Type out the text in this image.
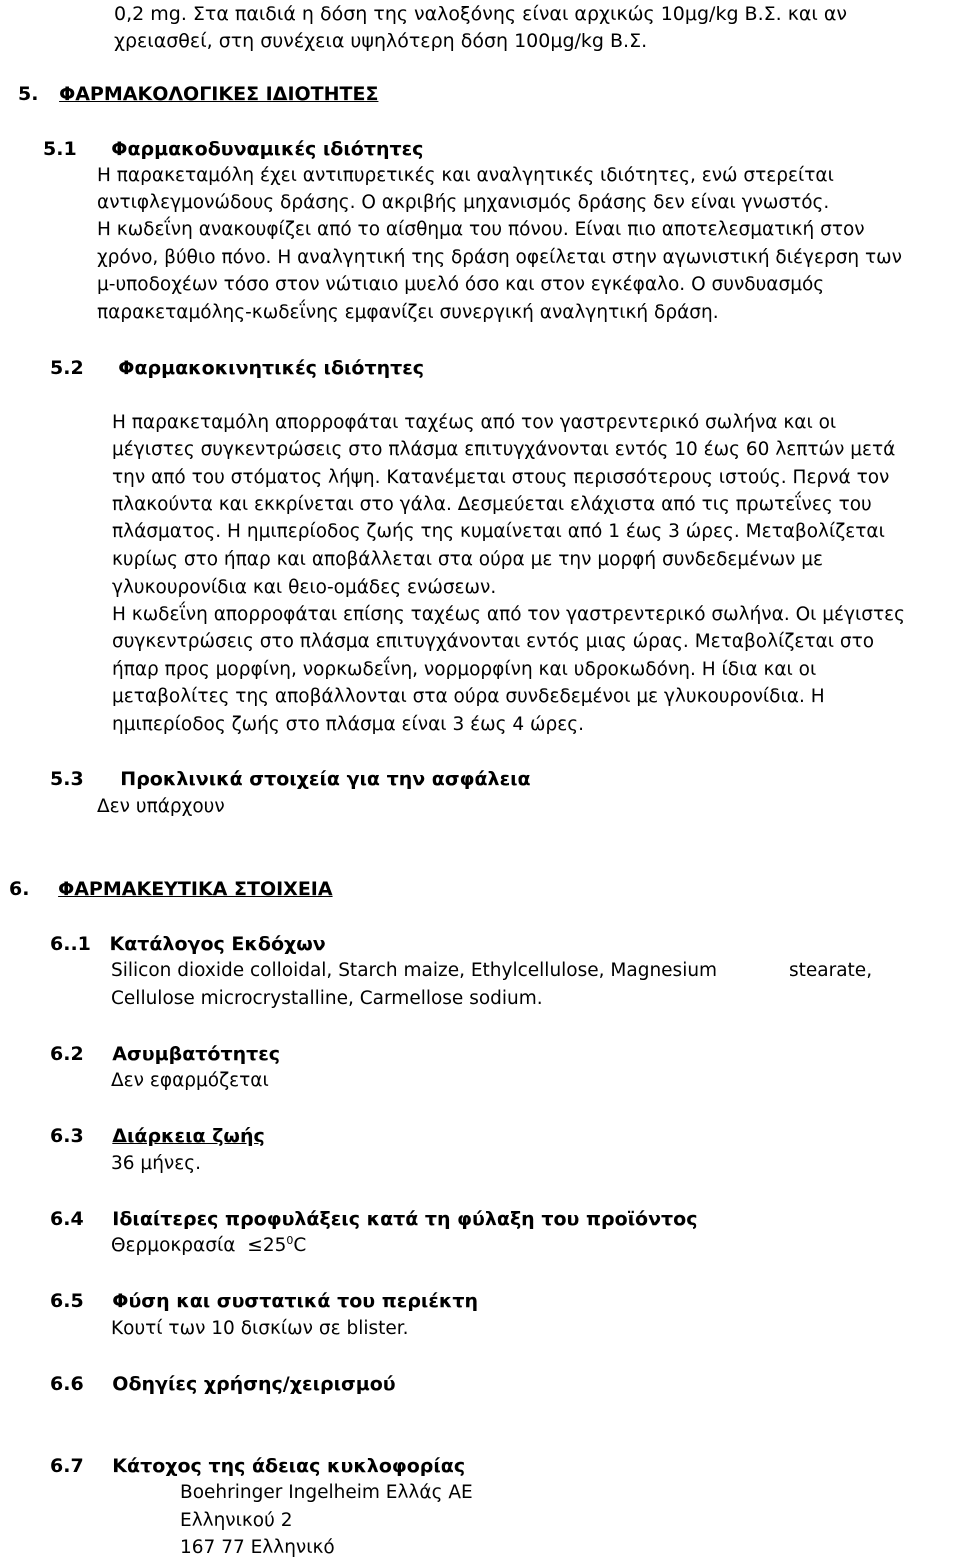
0,2 mg. Στα παιδιά η δόση της ναλοξόνης είναι αρχικώς 10μg/kg Β.Σ. και αν
χρειασθεί, στη συνέχεια υψηλότερη δόση 100μg/kg Β.Σ.
5. ΦΑΡΜΑΚΟΛΟΓΙΚΕΣ ΙΔΙΟΤΗΤΕΣ
5.1 Φαρμακοδυναμικές ιδιότητες
Η παρακεταμόλη έχει αντιπυρετικές και αναλγητικές ιδιότητες, ενώ στερείται
αντιφλεγμονώδους δράσης. Ο ακριβής μηχανισμός δράσης δεν είναι γνωστός.
Η κωδεΐνη ανακουφίζει από το αίσθημα του πόνου. Είναι πιο αποτελεσματική στον
χρόνο, βύθιο πόνο. Η αναλγητική της δράση οφείλεται στην αγωνιστική διέγερση των
μ-υποδοχέων τόσο στον νώτιαιο μυελό όσο και στον εγκέφαλο. Ο συνδυασμός
παρακεταμόλης-κωδεΐνης εμφανίζει συνεργική αναλγητική δράση.
5.2 Φαρμακοκινητικές ιδιότητες
Η παρακεταμόλη απορροφάται ταχέως από τον γαστρεντερικό σωλήνα και οι
μέγιστες συγκεντρώσεις στο πλάσμα επιτυγχάνονται εντός 10 έως 60 λεπτών μετά
την από του στόματος λήψη. Κατανέμεται στους περισσότερους ιστούς. Περνά τον
πλακούντα και εκκρίνεται στο γάλα. Δεσμεύεται ελάχιστα από τις πρωτεΐνες του
πλάσματος. Η ημιπερίοδος ζωής της κυμαίνεται από 1 έως 3 ώρες. Μεταβολίζεται
κυρίως στο ήπαρ και αποβάλλεται στα ούρα με την μορφή συνδεδεμένων με
γλυκουρονίδια και θειο-ομάδες ενώσεων.
Η κωδεΐνη απορροφάται επίσης ταχέως από τον γαστρεντερικό σωλήνα. Οι μέγιστες
συγκεντρώσεις στο πλάσμα επιτυγχάνονται εντός μιας ώρας. Μεταβολίζεται στο
ήπαρ προς μορφίνη, νορκωδεΐνη, νορμορφίνη και υδροκωδόνη. Η ίδια και οι
μεταβολίτες της αποβάλλονται στα ούρα συνδεδεμένοι με γλυκουρονίδια. Η
ημιπερίοδος ζωής στο πλάσμα είναι 3 έως 4 ώρες.
5.3 Προκλινικά στοιχεία για την ασφάλεια
Δεν υπάρχουν
6. ΦΑΡΜΑΚΕΥΤΙΚΑ ΣΤΟΙΧΕΙΑ
6..1 Κατάλογος Εκδόχων
Silicon dioxide colloidal, Starch maize, Ethylcellulose, Magnesium	stearate,
Cellulose microcrystalline, Carmellose sodium.
6.2 Ασυμβατότητες
Δεν εφαρμόζεται
6.3 Διάρκεια ζωής
36 μήνες.
6.4 Ιδιαίτερες προφυλάξεις κατά τη φύλαξη του προϊόντος
$\Theta\varepsilon\rho\mu o\kappa\rho\alpha\sigma ί\alpha \le 25^0C$
6.5 Φύση και συστατικά του περιέκτη
Κουτί των 10 δισκίων σε blister.
6.6 Οδηγίες χρήσης/χειρισμού
6.7 Κάτοχος της άδειας κυκλοφορίας
Boehringer Ingelheim Ελλάς ΑΕ
Ελληνικού 2
167 77 Ελληνικό
